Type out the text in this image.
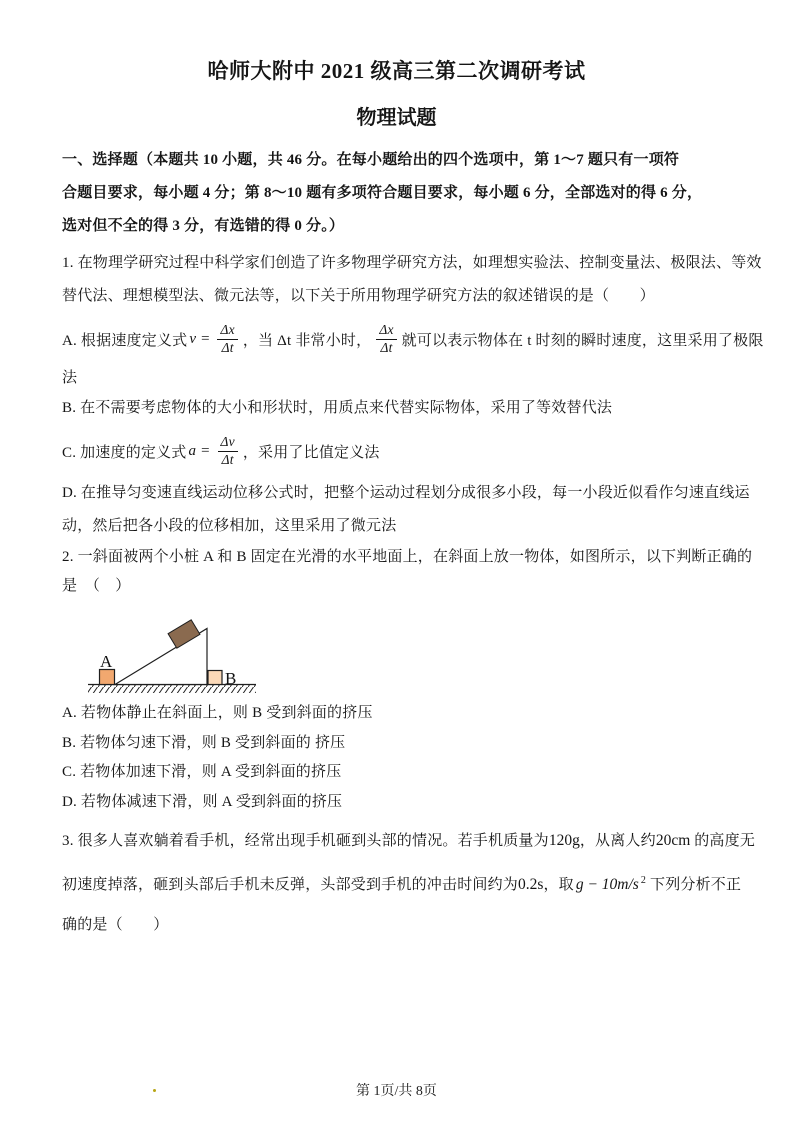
哈师大附中 2021 级高三第二次调研考试
物理试题
一、选择题（本题共 10 小题，共 46 分。在每小题给出的四个选项中，第 1～7 题只有一项符
合题目要求，每小题 4 分；第 8～10 题有多项符合题目要求，每小题 6 分，全部选对的得 6 分，
选对但不全的得 3 分，有选错的得 0 分。）
1. 在物理学研究过程中科学家们创造了许多物理学研究方法，如理想实验法、控制变量法、极限法、等效
替代法、理想模型法、微元法等，以下关于所用物理学研究方法的叙述错误的是（　　）
A. 根据速度定义式 $v = \frac{\Delta x}{\Delta t}$ ，当 Δt 非常小时， $\frac{\Delta x}{\Delta t}$ 就可以表示物体在 t 时刻的瞬时速度，这里采用了极限
法
B. 在不需要考虑物体的大小和形状时，用质点来代替实际物体，采用了等效替代法
C. 加速度的定义式 $a = \frac{\Delta v}{\Delta t}$ ，采用了比值定义法
D. 在推导匀变速直线运动位移公式时，把整个运动过程划分成很多小段，每一小段近似看作匀速直线运
动，然后把各小段的位移相加，这里采用了微元法
2. 一斜面被两个小桩 A 和 B 固定在光滑的水平地面上，在斜面上放一物体，如图所示，以下判断正确的
是　（　）
A
B
A. 若物体静止在斜面上，则 B 受到斜面的挤压
B. 若物体匀速下滑，则 B 受到斜面的 挤压
C. 若物体加速下滑，则 A 受到斜面的挤压
D. 若物体减速下滑，则 A 受到斜面的挤压
3. 很多人喜欢躺着看手机，经常出现手机砸到头部的情况。若手机质量为120g，从离人约20cm 的高度无
初速度掉落，砸到头部后手机未反弹，头部受到手机的冲击时间约为0.2s，取 g − 10m/s $^2$ 下列分析不正
确的是（　　）
第 1页/共 8页
